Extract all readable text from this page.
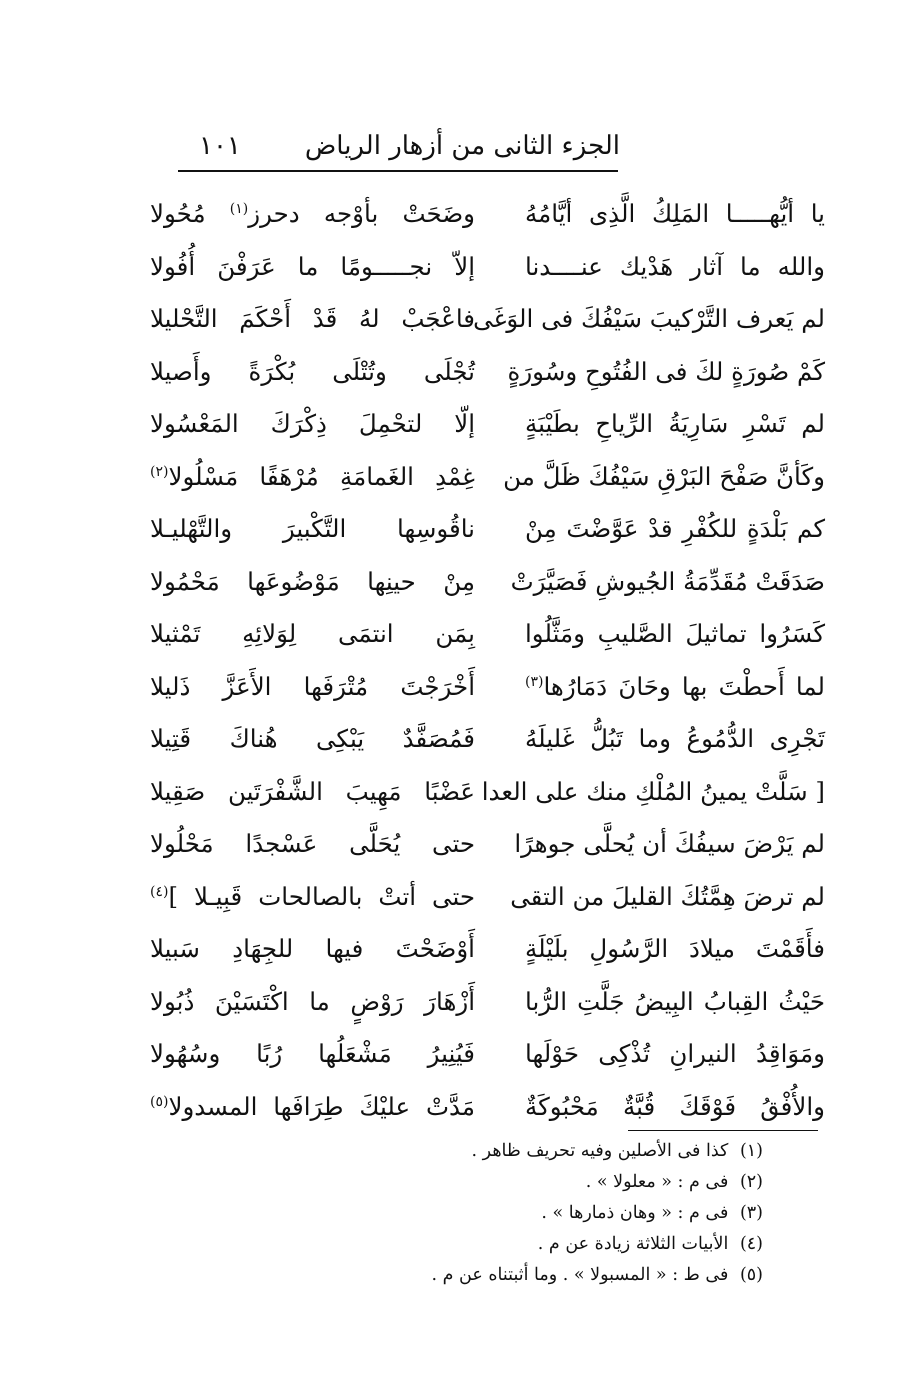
الجزء الثانى من أزهار الرياض
١٠١
يا أيُّهـــــا المَلِكُ الَّذِى أيَّامُهُ
وضَحَتْ بأوْجه دحرز$^{(١)}$ مُحُولا
والله ما آثار هَدْيك عنــــدنا
إلاّ نجـــــومًا ما عَرَفْنَ أُفُولا
لم يَعرف التَّرْكيبَ سَيْفُكَ فى الوَغَى
فاعْجَبْ لهُ قَدْ أَحْكَمَ التَّحْليلا
كَمْ صُورَةٍ لكَ فى الفُتُوحِ وسُورَةٍ
تُجْلَى وتُتْلَى بُكْرَةً وأَصيلا
لم تَسْرِ سَارِيَةُ الرِّياحِ بطَيْبَةٍ
إلّا لتحْمِلَ ذِكْرَكَ المَعْسُولا
وكَأنَّ صَفْحَ البَرْقِ سَيْفُكَ ظَلَّ من
غِمْدِ الغَمامَةِ مُرْهَفًا مَسْلُولا$^{(٢)}$
كم بَلْدَةٍ للكُفْرِ قدْ عَوَّضْتَ مِنْ
ناقُوسِها التَّكْبيرَ والتَّهْليـلا
صَدَقَتْ مُقَدِّمَةُ الجُيوشِ فَصَيَّرَتْ
مِنْ حينِها مَوْضُوعَها مَحْمُولا
كَسَرُوا تماثيلَ الصَّليبِ ومَثَّلُوا
بِمَن انتمَى لِوَلائِهِ تَمْثيلا
لما أَحطْتَ بها وحَانَ دَمَارُها$^{(٣)}$
أَخْرَجْتَ مُتْرَفَها الأَعَزَّ ذَليلا
تَجْرِى الدُّمُوعُ وما تَبُلُّ غَليلَهُ
فَمُصَفَّدٌ يَبْكِى هُناكَ قَتِيلا
[ سَلَّتْ يمينُ المُلْكِ منك على العدا
عَضْبًا مَهِيبَ الشَّفْرَتَين صَقِيلا
لم يَرْضَ سيفُكَ أن يُحلَّى جوهرًا
حتى يُحَلَّى عَسْجدًا مَحْلُولا
لم ترضَ هِمَّتُكَ القليلَ من التقى
حتى أتتْ بالصالحات قَبِيـلا ]$^{(٤)}$
فأَقَمْتَ ميلادَ الرَّسُولِ بلَيْلَةٍ
أَوْضَحْتَ فيها للجِهَادِ سَبيلا
حَيْثُ القِبابُ البِيضُ جَلَّتِ الرُّبا
أَزْهَارَ رَوْضٍ ما اكْتَسَيْنَ ذُبُولا
ومَوَاقِدُ النيرانِ تُذْكِى حَوْلَها
فَيُنِيرُ مَشْعَلُها رُبًا وسُهُولا
والأُفْقُ فَوْقَكَ قُبَّةٌ مَحْبُوكَةٌ
مَدَّتْ عليْكَ طِرَافَها المسدولا$^{(٥)}$
(١) كذا فى الأصلين وفيه تحريف ظاهر .
(٢) فى م : « معلولا » .
(٣) فى م : « وهان ذمارها » .
(٤) الأبيات الثلاثة زيادة عن م .
(٥) فى ط : « المسبولا » . وما أثبتناه عن م .
